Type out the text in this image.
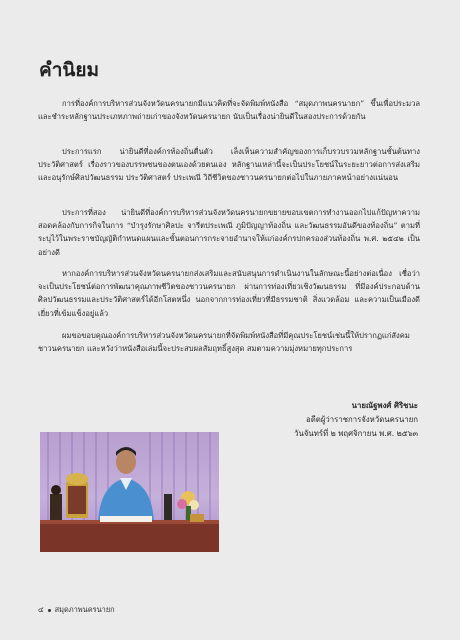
คำนิยม

การที่องค์การบริหารส่วนจังหวัดนครนายกมีแนวคิดที่จะจัดพิมพ์หนังสือ “สมุดภาพนครนายก” ขึ้นเพื่อประมวลและชำระหลักฐานประเภทภาพถ่ายเก่าของจังหวัดนครนายก นับเป็นเรื่องน่ายินดีในสองประการด้วยกัน

ประการแรก น่ายินดีที่องค์กรท้องถิ่นตื่นตัว เล็งเห็นความสำคัญของการเก็บรวบรวมหลักฐานชั้นต้นทางประวัติศาสตร์ เรื่องราวของบรรพชนของตนเองด้วยตนเอง หลักฐานเหล่านี้จะเป็นประโยชน์ในระยะยาวต่อการส่งเสริมและอนุรักษ์ศิลปวัฒนธรรม ประวัติศาสตร์ ประเพณี วิถีชีวิตของชาวนครนายกต่อไปในภายภาคหน้าอย่างแน่นอน

ประการที่สอง น่ายินดีที่องค์การบริหารส่วนจังหวัดนครนายกขยายขอบเขตการทำงานออกไปแก้ปัญหาความสอดคล้องกับการกิจในการ “บำรุงรักษาศิลปะ จารีตประเพณี ภูมิปัญญาท้องถิ่น และวัฒนธรรมอันดีของท้องถิ่น” ตามที่ระบุไว้ในพระราชบัญญัติกำหนดแผนและขั้นตอนการกระจายอำนาจให้แก่องค์กรปกครองส่วนท้องถิ่น พ.ศ. ๒๕๔๒ เป็นอย่างดี

หากองค์การบริหารส่วนจังหวัดนครนายกส่งเสริมและสนับสนุนการดำเนินงานในลักษณะนี้อย่างต่อเนื่อง เชื่อว่าจะเป็นประโยชน์ต่อการพัฒนาคุณภาพชีวิตของชาวนครนายก ผ่านการท่องเที่ยวเชิงวัฒนธรรม ที่มีองค์ประกอบด้านศิลปวัฒนธรรมและประวัติศาสตร์ได้อีกโสตหนึ่ง นอกจากการท่องเที่ยวที่มีธรรมชาติ สิ่งแวดล้อม และความเป็นเมืองดีเยี่ยวที่เข้มแข็งอยู่แล้ว

ผมขอขอบคุณองค์การบริหารส่วนจังหวัดนครนายกที่จัดพิมพ์หนังสือที่มีคุณประโยชน์เช่นนี้ให้ปรากฏแก่สังคมชาวนครนายก และหวังว่าหนังสือเล่มนี้จะประสบผลสัมฤทธิ์สูงสุด สมตามความมุ่งหมายทุกประการ

นายณัฐพงศ์ ศิริชนะ
อดีตผู้ว่าราชการจังหวัดนครนายก
วันจันทร์ที่ ๒ พฤศจิกายน พ.ศ. ๒๕๖๓
๔ สมุดภาพนครนายก
